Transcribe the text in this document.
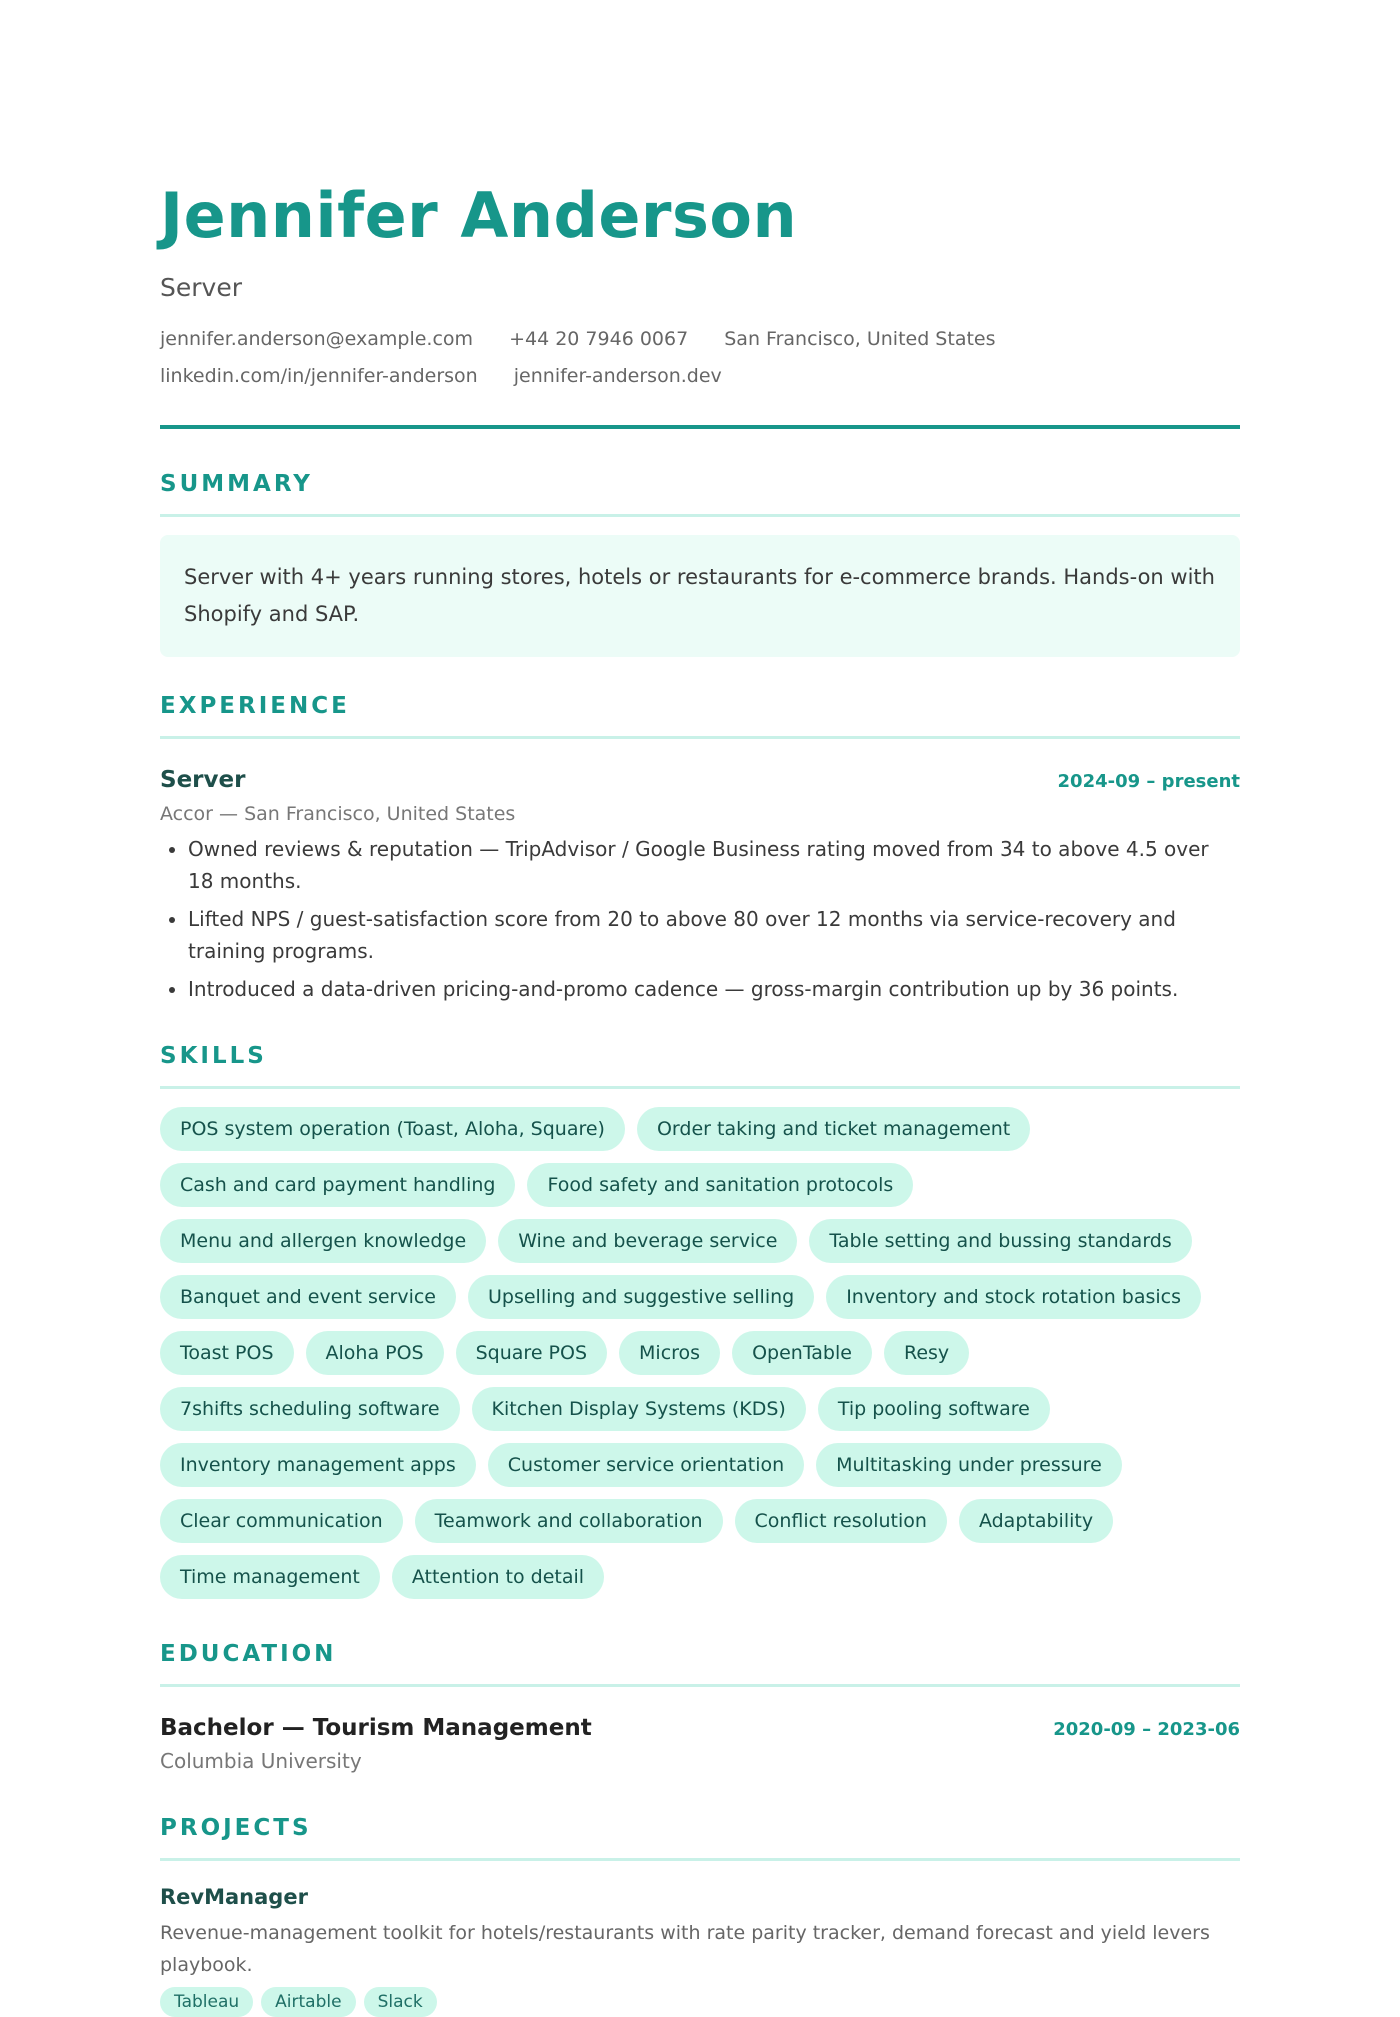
Jennifer Anderson
Server
jennifer.anderson@example.com +44 20 7946 0067 San Francisco, United States
linkedin.com/in/jennifer-anderson jennifer-anderson.dev
SUMMARY
Server with 4+ years running stores, hotels or restaurants for e-commerce brands. Hands-on with Shopify and SAP.
EXPERIENCE
Server	2024-09 – present
Accor — San Francisco, United States
• Owned reviews & reputation — TripAdvisor / Google Business rating moved from 34 to above 4.5 over 18 months.
• Lifted NPS / guest-satisfaction score from 20 to above 80 over 12 months via service-recovery and training programs.
• Introduced a data-driven pricing-and-promo cadence — gross-margin contribution up by 36 points.
SKILLS
POS system operation (Toast, Aloha, Square)	Order taking and ticket management
Cash and card payment handling	Food safety and sanitation protocols
Menu and allergen knowledge	Wine and beverage service	Table setting and bussing standards
Banquet and event service	Upselling and suggestive selling	Inventory and stock rotation basics
Toast POS	Aloha POS	Square POS	Micros	OpenTable	Resy
7shifts scheduling software	Kitchen Display Systems (KDS)	Tip pooling software
Inventory management apps	Customer service orientation	Multitasking under pressure
Clear communication	Teamwork and collaboration	Conflict resolution	Adaptability
Time management	Attention to detail
EDUCATION
Bachelor — Tourism Management	2020-09 – 2023-06
Columbia University
PROJECTS
RevManager
Revenue-management toolkit for hotels/restaurants with rate parity tracker, demand forecast and yield levers playbook.
Tableau	Airtable	Slack
